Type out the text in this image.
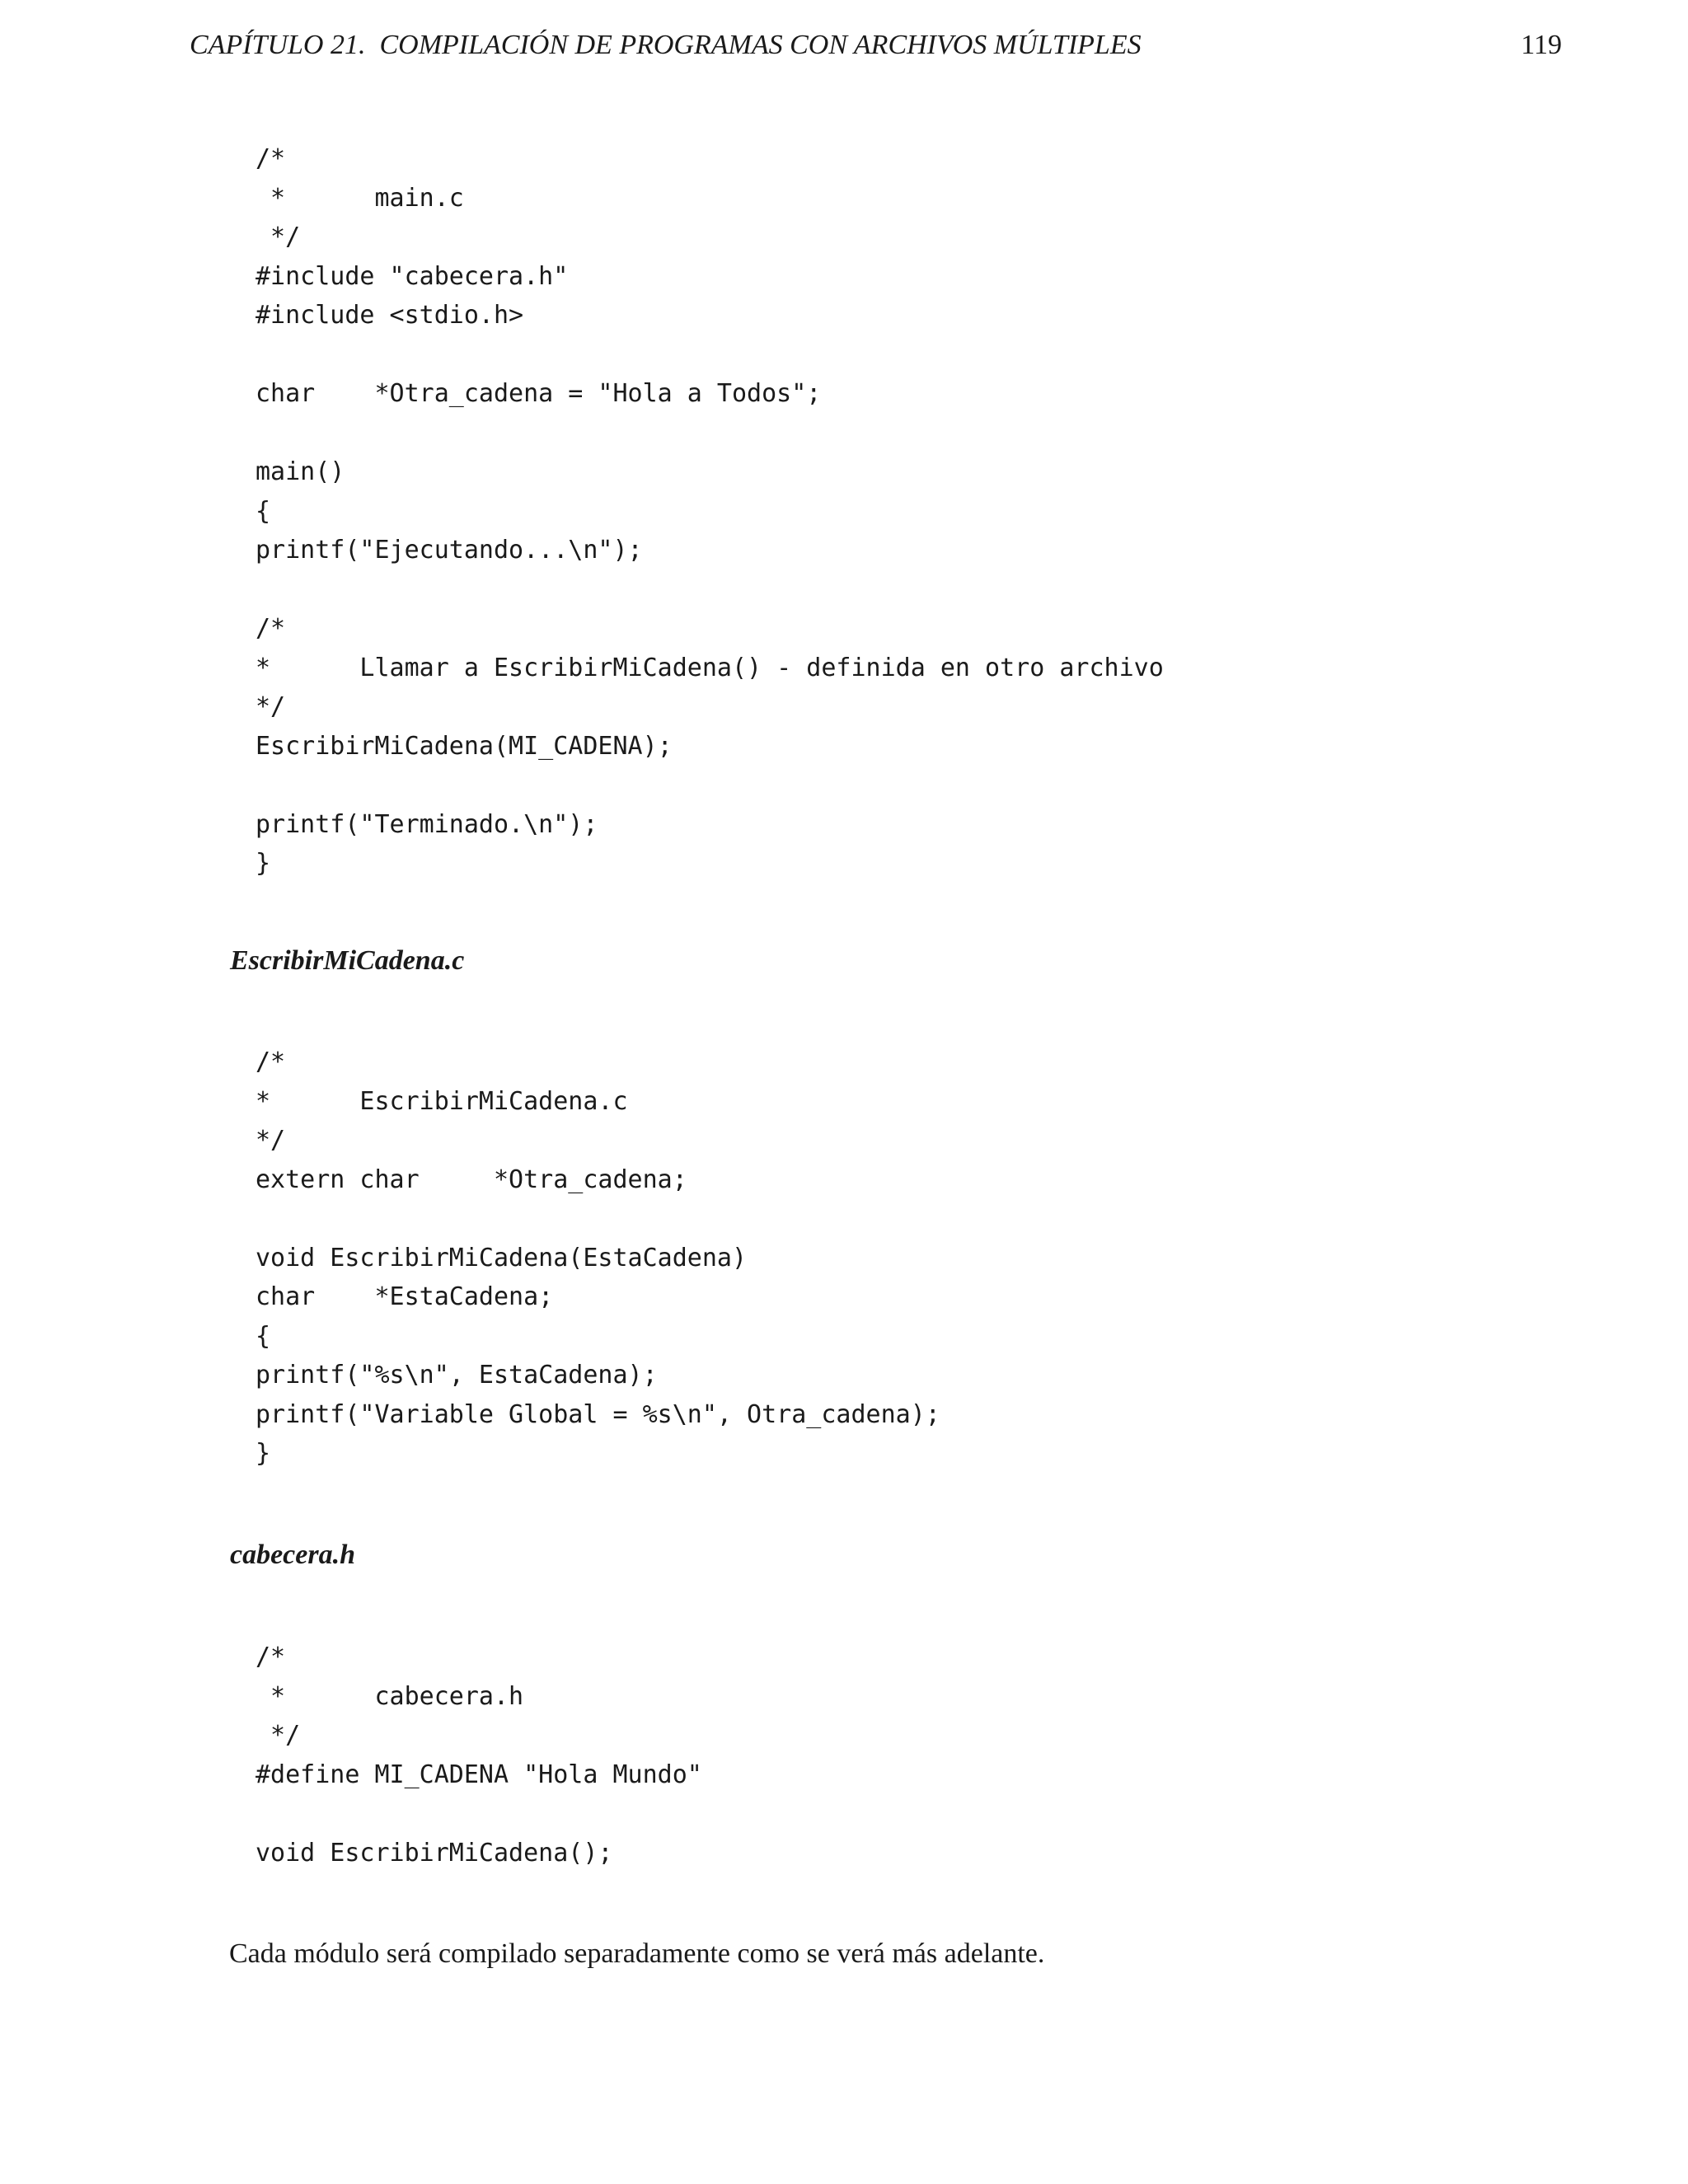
CAPÍTULO 21.  COMPILACIÓN DE PROGRAMAS CON ARCHIVOS MÚLTIPLES	119
/*
*      main.c
*/
#include "cabecera.h"
#include <stdio.h>

char    *Otra_cadena = "Hola a Todos";

main()
{
printf("Ejecutando...\n");

/*
*      Llamar a EscribirMiCadena() - definida en otro archivo
*/
EscribirMiCadena(MI_CADENA);

printf("Terminado.\n");
}
EscribirMiCadena.c
/*
*      EscribirMiCadena.c
*/
extern char     *Otra_cadena;

void EscribirMiCadena(EstaCadena)
char    *EstaCadena;
{
printf("%s\n", EstaCadena);
printf("Variable Global = %s\n", Otra_cadena);
}
cabecera.h
/*
*      cabecera.h
*/
#define MI_CADENA "Hola Mundo"

void EscribirMiCadena();
Cada módulo será compilado separadamente como se verá más adelante.
